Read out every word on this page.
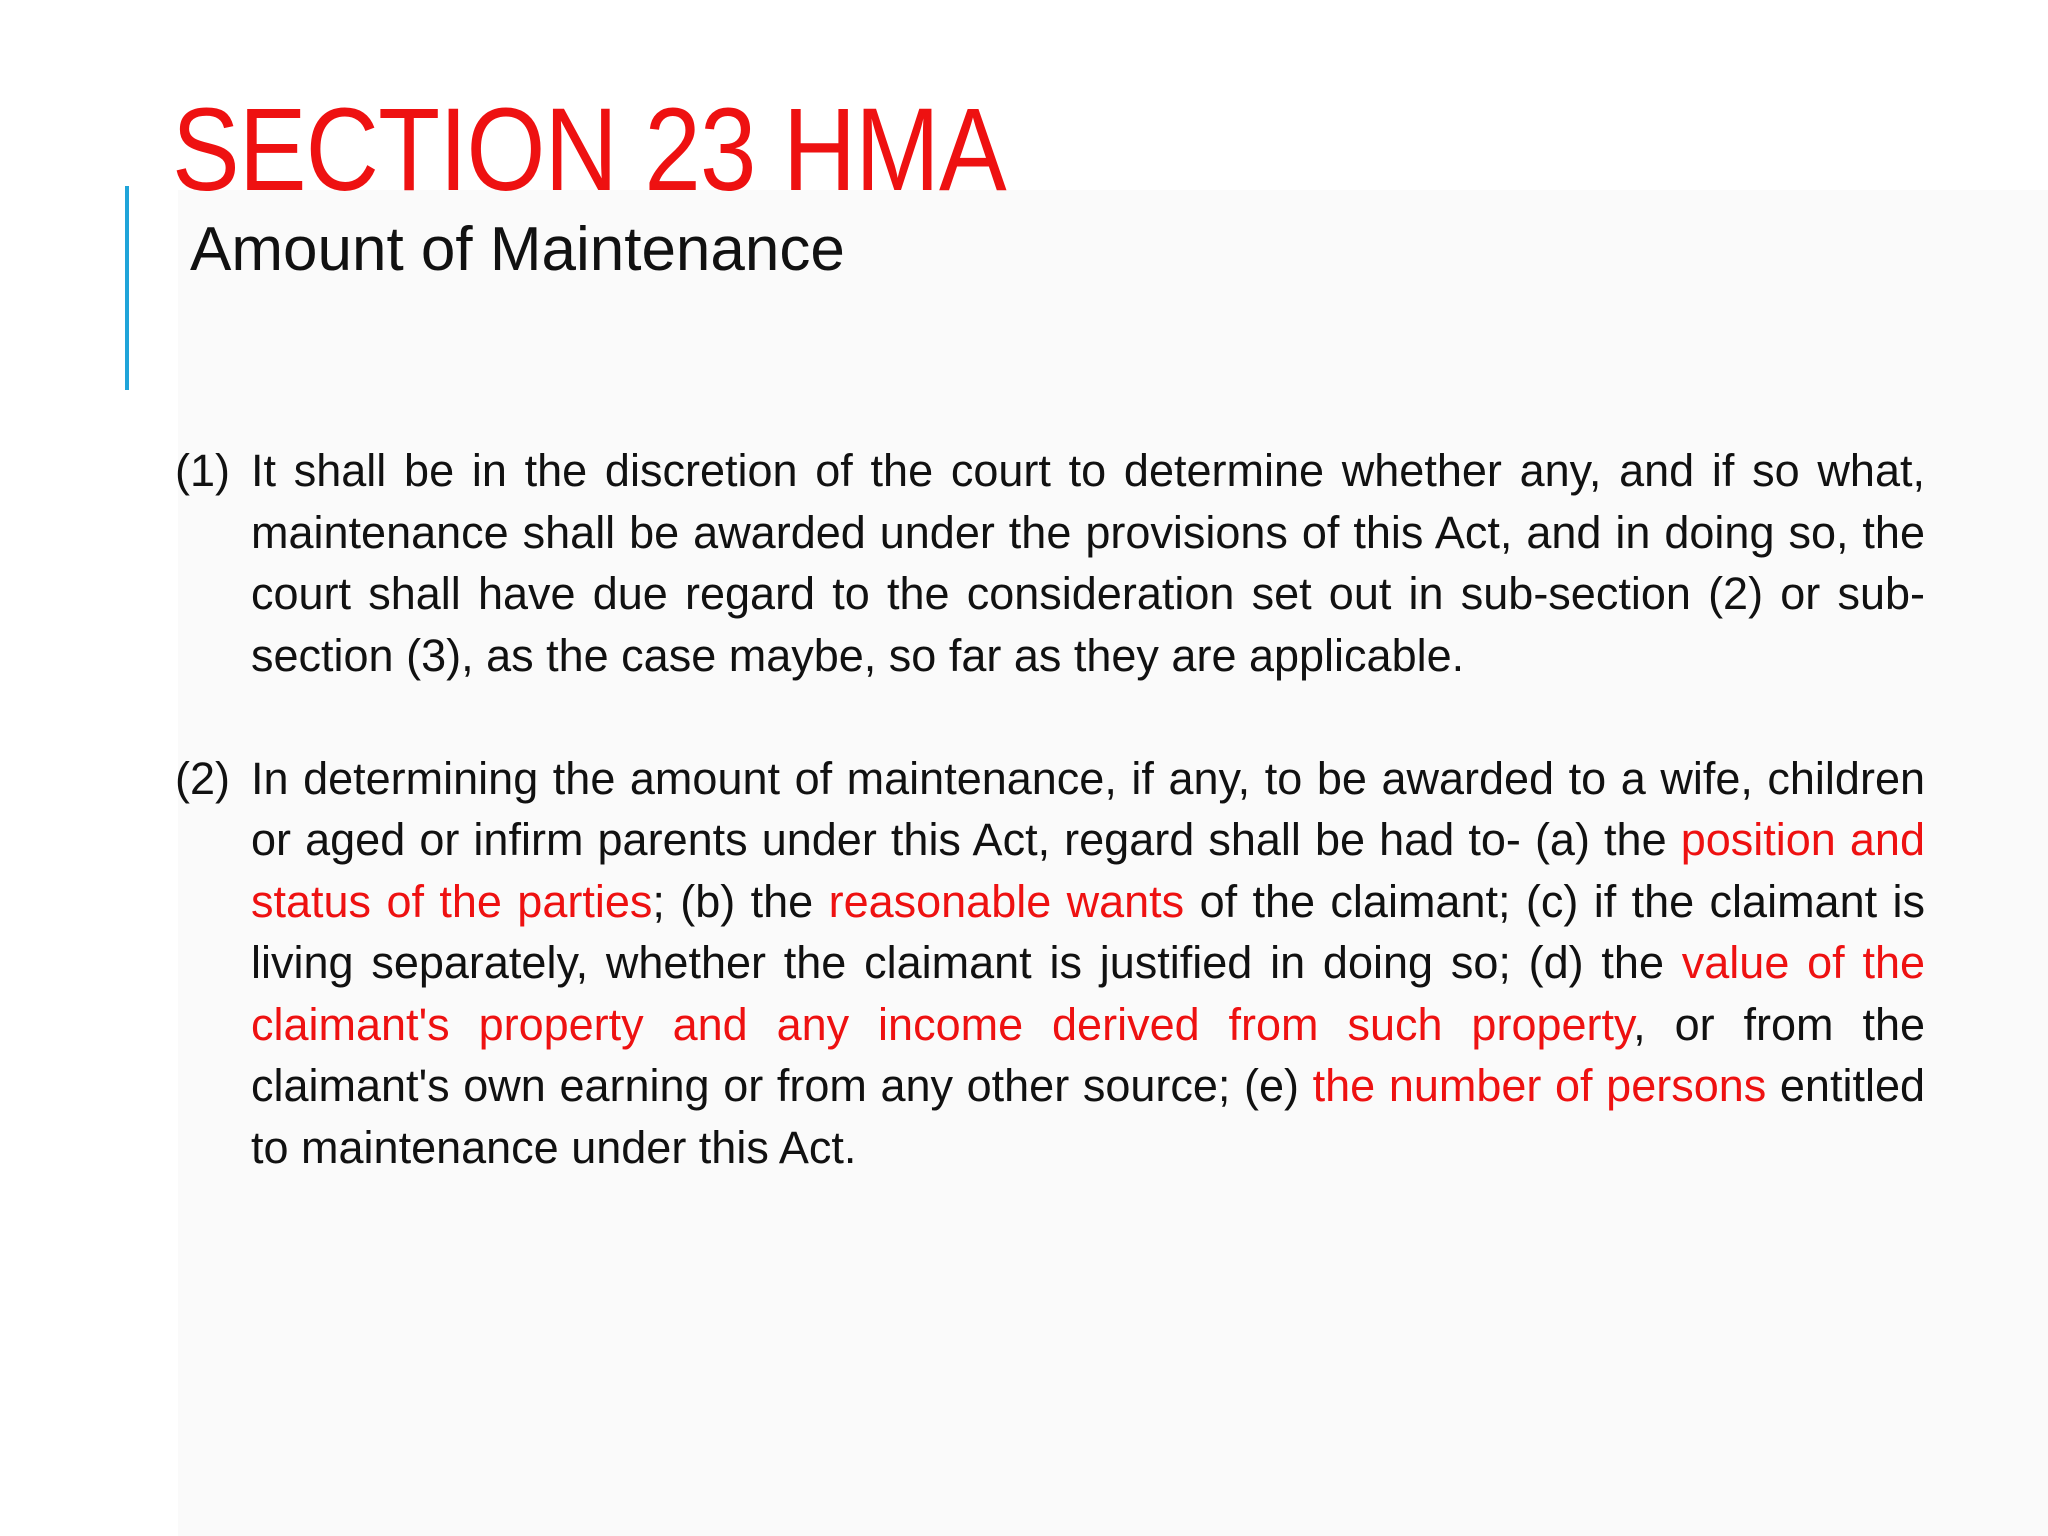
SECTION 23 HMA
Amount of Maintenance
(1) It shall be in the discretion of the court to determine whether any, and if so what, maintenance shall be awarded under the provisions of this Act, and in doing so, the court shall have due regard to the consideration set out in sub-section (2) or sub-section (3), as the case maybe, so far as they are applicable.
(2) In determining the amount of maintenance, if any, to be awarded to a wife, children or aged or infirm parents under this Act, regard shall be had to- (a) the position and status of the parties; (b) the reasonable wants of the claimant; (c) if the claimant is living separately, whether the claimant is justified in doing so; (d) the value of the claimant's property and any income derived from such property, or from the claimant's own earning or from any other source; (e) the number of persons entitled to maintenance under this Act.
